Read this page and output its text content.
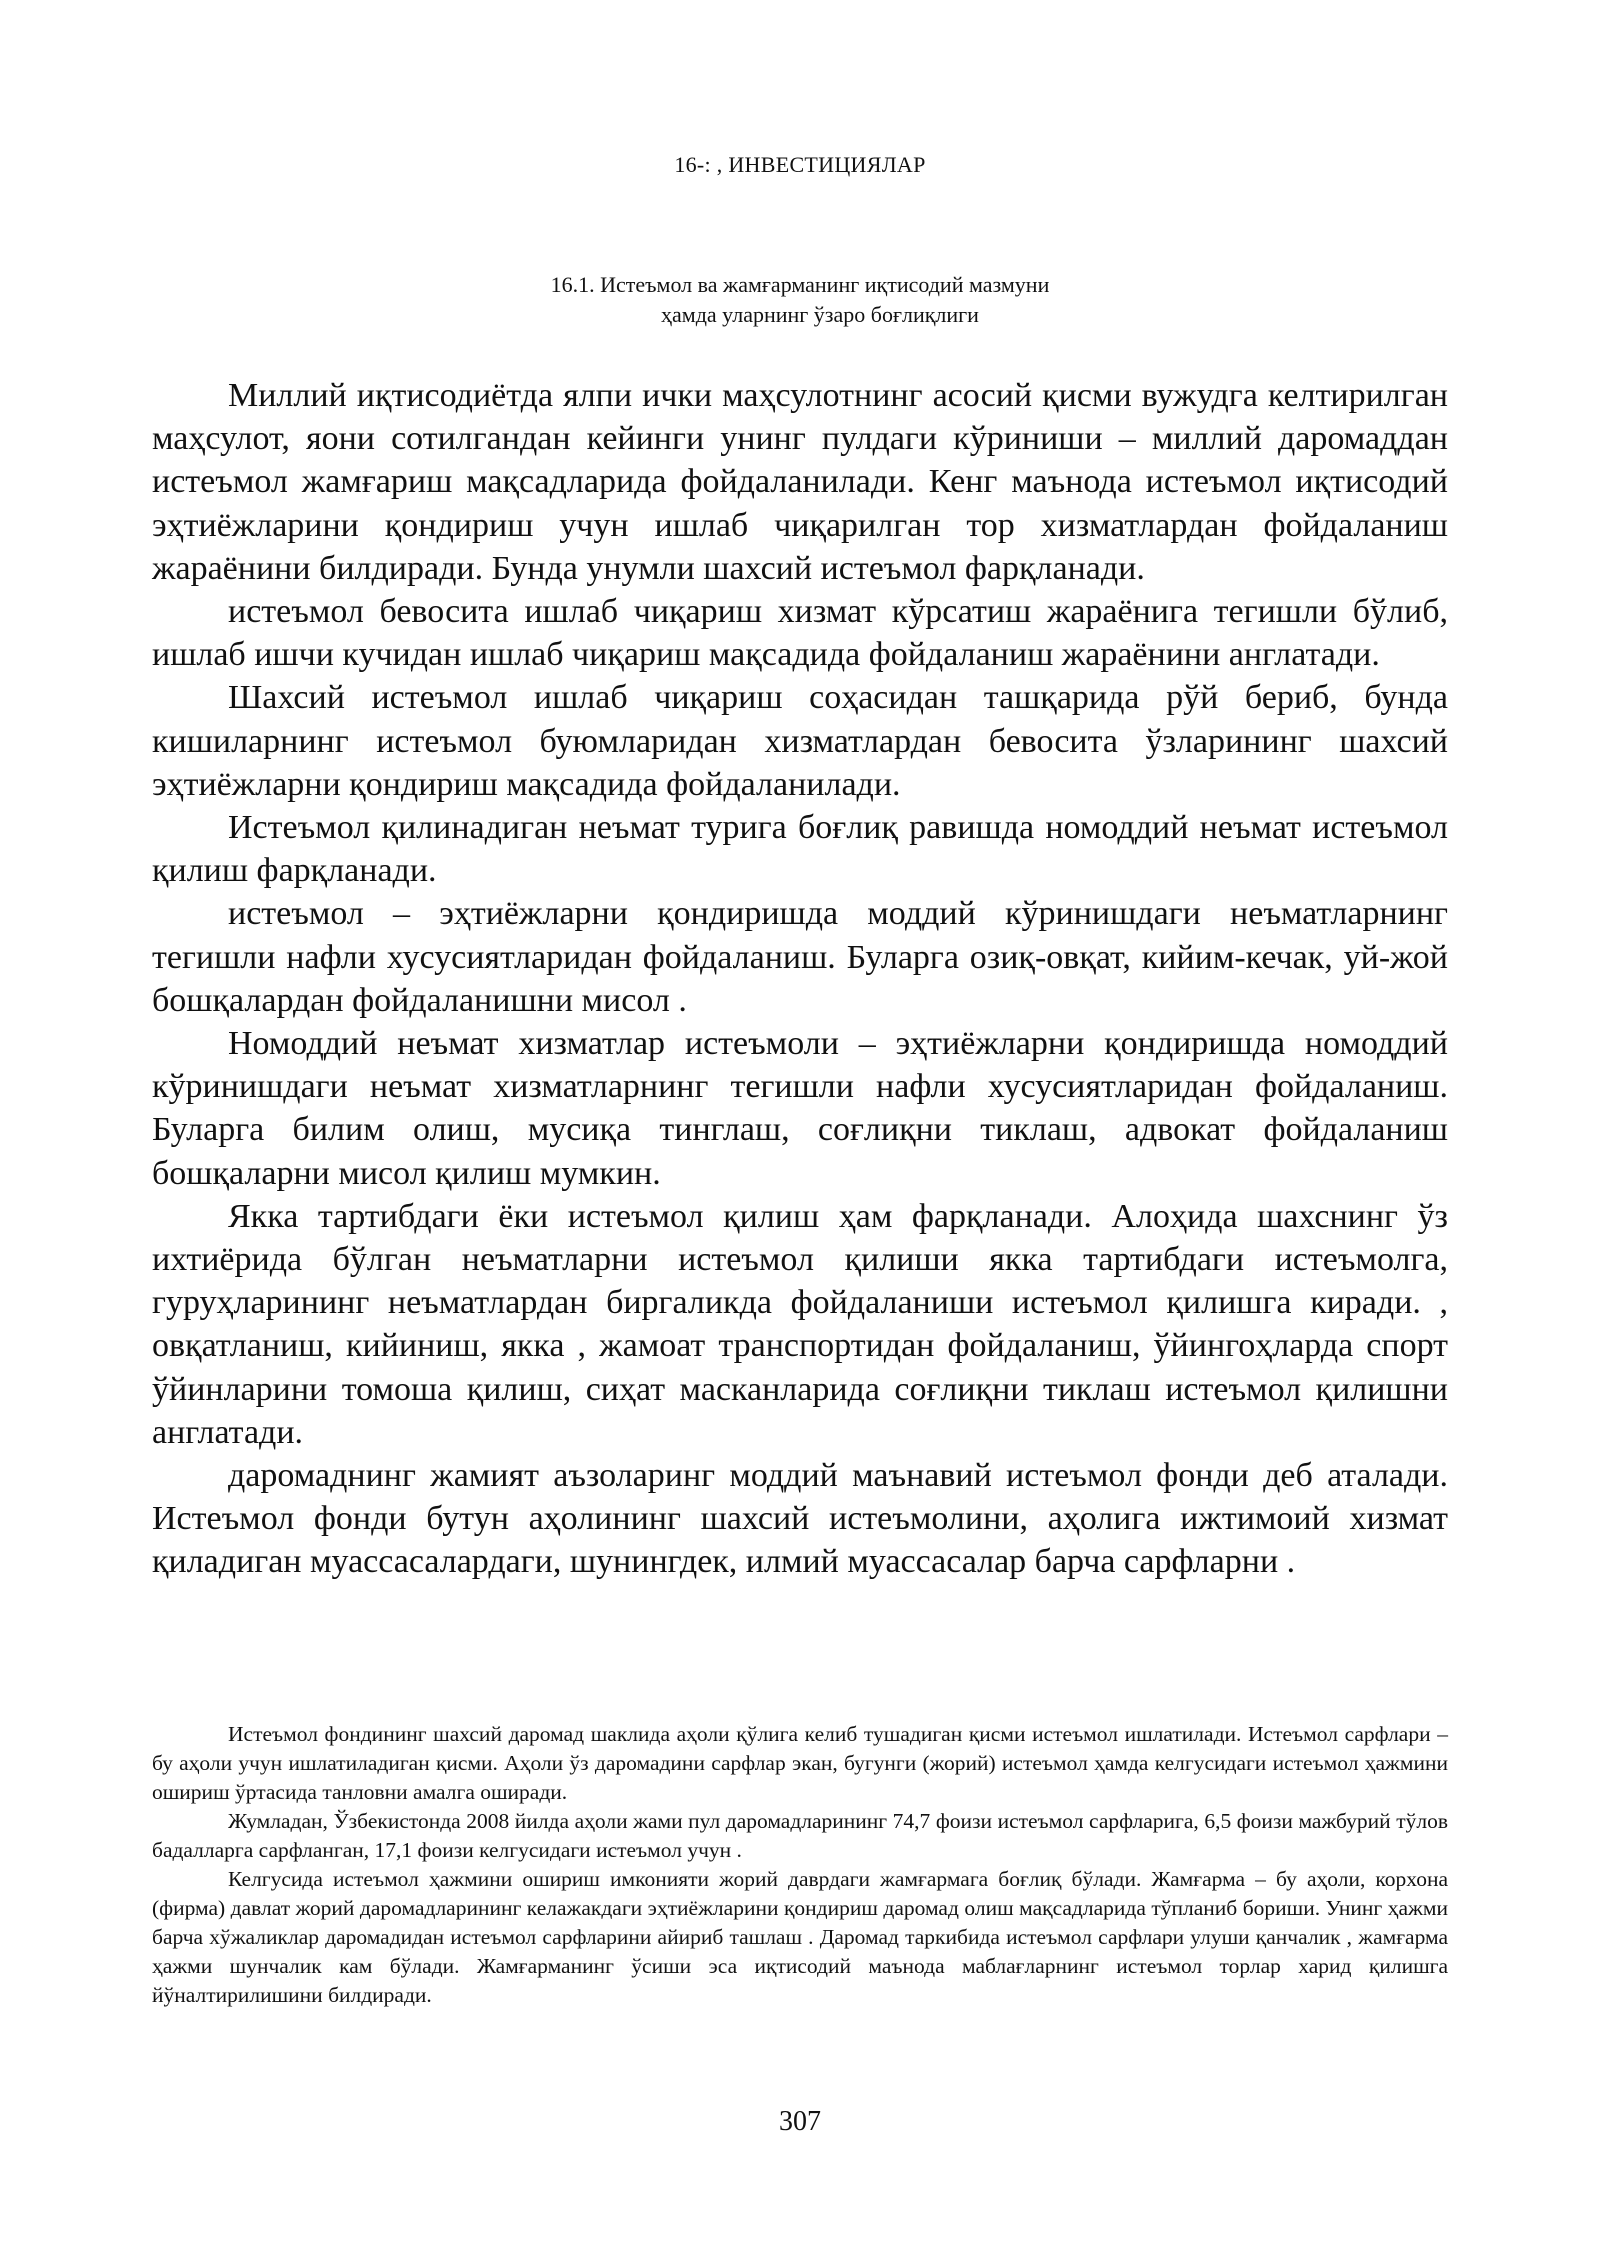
16-: , ИНВЕСТИЦИЯЛАР
16.1. Истеъмол ва жамғарманинг иқтисодий мазмуни
ҳамда уларнинг ўзаро боғлиқлиги

Миллий иқтисодиётда ялпи ички маҳсулотнинг асосий қисми вужудга келтирилган маҳсулот, яони сотилгандан кейинги унинг пулдаги кўриниши – миллий даромаддан истеъмол жамғариш мақсадларида фойдаланилади. Кенг маънода истеъмол иқтисодий эҳтиёжларини қондириш учун ишлаб чиқарилган тор хизматлардан фойдаланиш жараёнини билдиради. Бунда унумли шахсий истеъмол фарқланади.

истеъмол бевосита ишлаб чиқариш хизмат кўрсатиш жараёнига тегишли бўлиб, ишлаб ишчи кучидан ишлаб чиқариш мақсадида фойдаланиш жараёнини англатади.

Шахсий истеъмол ишлаб чиқариш соҳасидан ташқарида рўй бериб, бунда кишиларнинг истеъмол буюмларидан хизматлардан бевосита ўзларининг шахсий эҳтиёжларни қондириш мақсадида фойдаланилади.

Истеъмол қилинадиган неъмат турига боғлиқ равишда номоддий неъмат истеъмол қилиш фарқланади.

истеъмол – эҳтиёжларни қондиришда моддий кўринишдаги неъматларнинг тегишли нафли хусусиятларидан фойдаланиш. Буларга озиқ-овқат, кийим-кечак, уй-жой бошқалардан фойдаланишни мисол .

Номоддий неъмат хизматлар истеъмоли – эҳтиёжларни қондиришда номоддий кўринишдаги неъмат хизматларнинг тегишли нафли хусусиятларидан фойдаланиш. Буларга билим олиш, мусиқа тинглаш, соғлиқни тиклаш, адвокат фойдаланиш бошқаларни мисол қилиш мумкин.

Якка тартибдаги ёки истеъмол қилиш ҳам фарқланади. Алоҳида шахснинг ўз ихтиёрида бўлган неъматларни истеъмол қилиши якка тартибдаги истеъмолга, гуруҳларининг неъматлардан биргаликда фойдаланиши истеъмол қилишга киради. , овқатланиш, кийиниш, якка , жамоат транспортидан фойдаланиш, ўйингоҳларда спорт ўйинларини томоша қилиш, сиҳат масканларида соғлиқни тиклаш истеъмол қилишни англатади.

даромаднинг жамият аъзоларинг моддий маънавий истеъмол фонди деб аталади. Истеъмол фонди бутун аҳолининг шахсий истеъмолини, аҳолига ижтимоий хизмат қиладиган муассасалардаги, шунингдек, илмий муассасалар барча сарфларни .

Истеъмол фондининг шахсий даромад шаклида аҳоли қўлига келиб тушадиган қисми истеъмол ишлатилади. Истеъмол сарфлари – бу аҳоли учун ишлатиладиган қисми. Аҳоли ўз даромадини сарфлар экан, бугунги (жорий) истеъмол ҳамда келгусидаги истеъмол ҳажмини ошириш ўртасида танловни амалга оширади.

Жумладан, Ўзбекистонда 2008 йилда аҳоли жами пул даромадларининг 74,7 фоизи истеъмол сарфларига, 6,5 фоизи мажбурий тўлов бадалларга сарфланган, 17,1 фоизи келгусидаги истеъмол учун .

Келгусида истеъмол ҳажмини ошириш имконияти жорий даврдаги жамғармага боғлиқ бўлади. Жамғарма – бу аҳоли, корхона (фирма) давлат жорий даромадларининг келажакдаги эҳтиёжларини қондириш даромад олиш мақсадларида тўпланиб бориши. Унинг ҳажми барча хўжаликлар даромадидан истеъмол сарфларини айириб ташлаш . Даромад таркибида истеъмол сарфлари улуши қанчалик , жамғарма ҳажми шунчалик кам бўлади. Жамғарманинг ўсиши эса иқтисодий маънода маблағларнинг истеъмол торлар харид қилишга йўналтирилишини билдиради.

307
